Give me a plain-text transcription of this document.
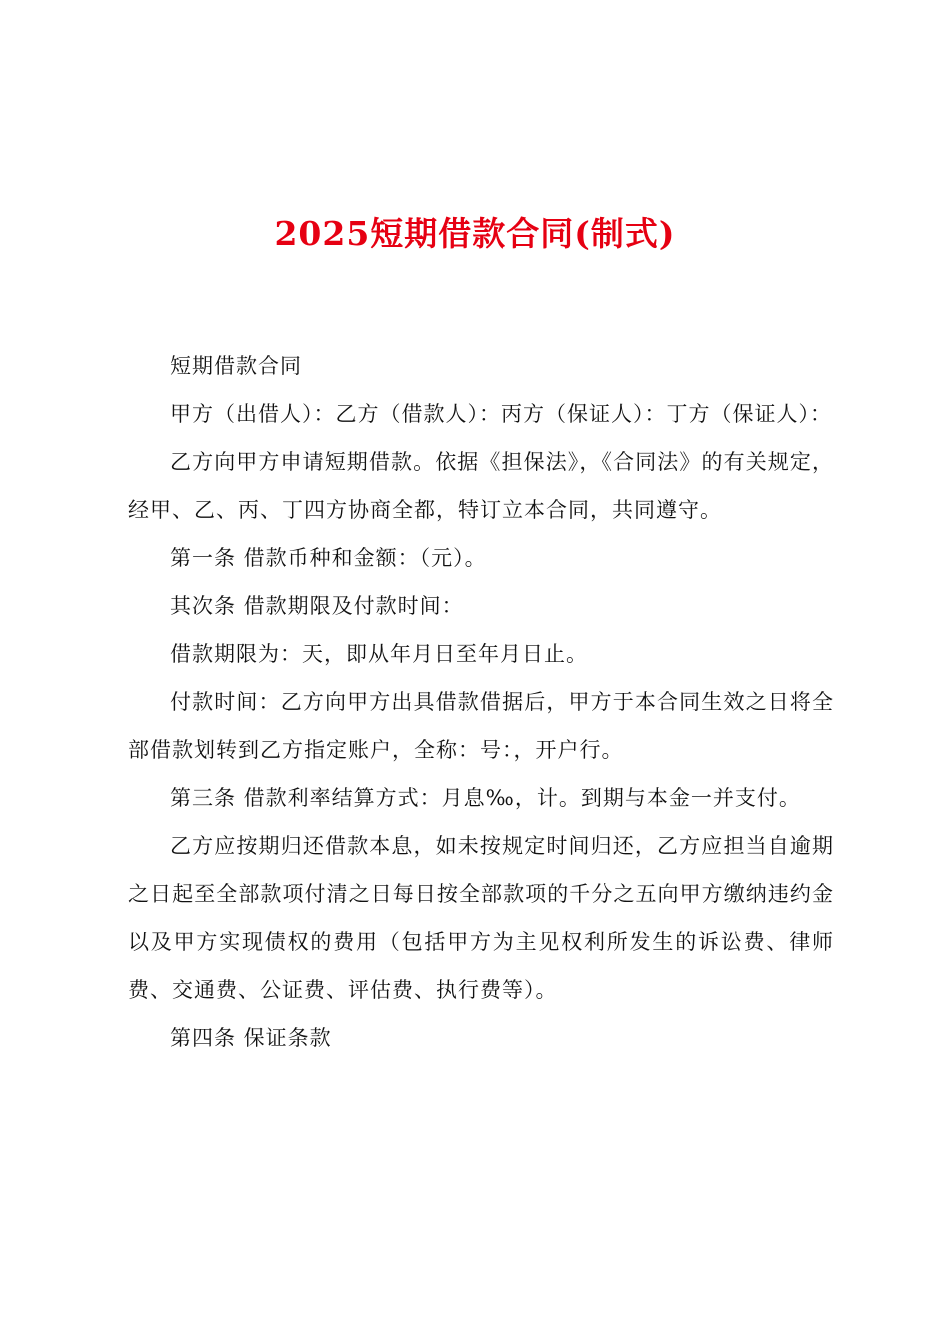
2025短期借款合同(制式)

短期借款合同

甲方（出借人）：乙方（借款人）：丙方（保证人）：丁方（保证人）：

乙方向甲方申请短期借款。依据《担保法》，《合同法》的有关规定，经甲、乙、丙、丁四方协商全都，特订立本合同，共同遵守。

第一条 借款币种和金额：（元）。

其次条 借款期限及付款时间：

借款期限为：天，即从年月日至年月日止。

付款时间：乙方向甲方出具借款借据后，甲方于本合同生效之日将全部借款划转到乙方指定账户，全称：号：，开户行。

第三条 借款利率结算方式：月息‰，计。到期与本金一并支付。

乙方应按期归还借款本息，如未按规定时间归还，乙方应担当自逾期之日起至全部款项付清之日每日按全部款项的千分之五向甲方缴纳违约金以及甲方实现债权的费用（包括甲方为主见权利所发生的诉讼费、律师费、交通费、公证费、评估费、执行费等）。

第四条 保证条款
